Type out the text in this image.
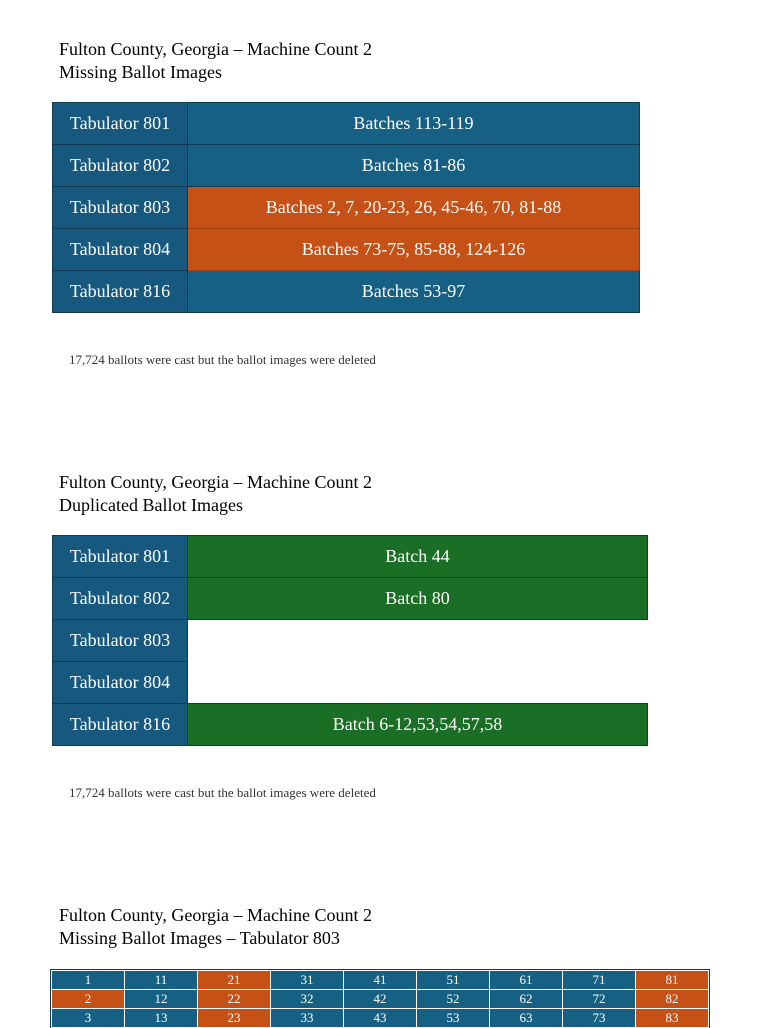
Fulton County, Georgia – Machine Count 2
Missing Ballot Images
Tabulator 801	Batches 113-119
Tabulator 802	Batches 81-86
Tabulator 803	Batches 2, 7, 20-23, 26, 45-46, 70, 81-88
Tabulator 804	Batches 73-75, 85-88, 124-126
Tabulator 816	Batches 53-97
17,724 ballots were cast but the ballot images were deleted
Fulton County, Georgia – Machine Count 2
Duplicated Ballot Images
Tabulator 801	Batch 44
Tabulator 802	Batch 80
Tabulator 803	
Tabulator 804	
Tabulator 816	Batch 6-12,53,54,57,58
17,724 ballots were cast but the ballot images were deleted
Fulton County, Georgia – Machine Count 2
Missing Ballot Images – Tabulator 803
1	11	21	31	41	51	61	71	81
2	12	22	32	42	52	62	72	82
3	13	23	33	43	53	63	73	83
